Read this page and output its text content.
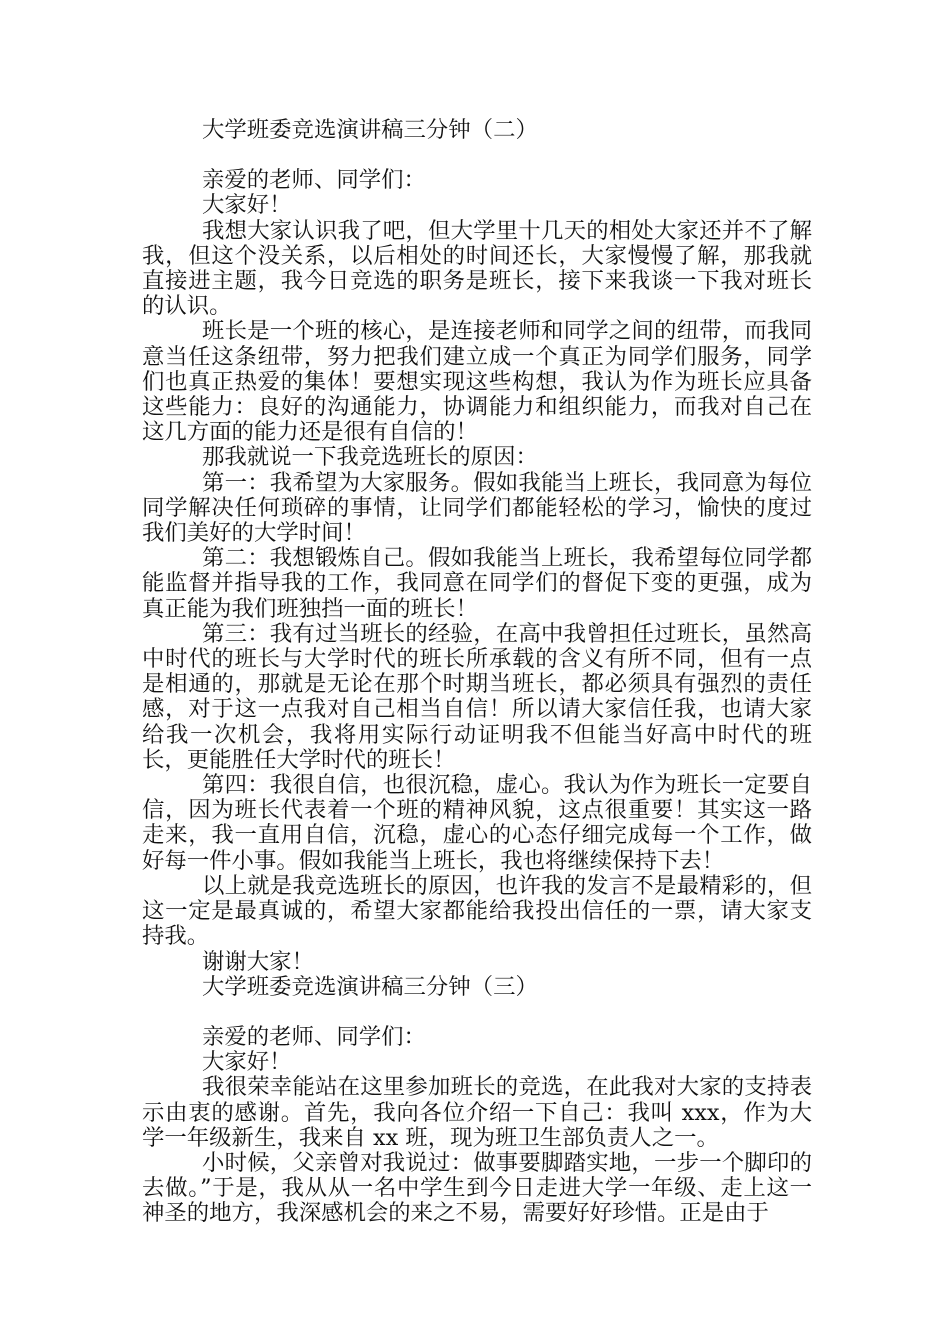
大学班委竞选演讲稿三分钟（二）

亲爱的老师、同学们：

大家好！

我想大家认识我了吧，但大学里十几天的相处大家还并不了解我，但这个没关系，以后相处的时间还长，大家慢慢了解，那我就直接进主题，我今日竞选的职务是班长，接下来我谈一下我对班长的认识。

班长是一个班的核心，是连接老师和同学之间的纽带，而我同意当任这条纽带，努力把我们建立成一个真正为同学们服务，同学们也真正热爱的集体！要想实现这些构想，我认为作为班长应具备这些能力：良好的沟通能力，协调能力和组织能力，而我对自己在这几方面的能力还是很有自信的！

那我就说一下我竞选班长的原因：

第一：我希望为大家服务。假如我能当上班长，我同意为每位同学解决任何琐碎的事情，让同学们都能轻松的学习，愉快的度过我们美好的大学时间！

第二：我想锻炼自己。假如我能当上班长，我希望每位同学都能监督并指导我的工作，我同意在同学们的督促下变的更强，成为真正能为我们班独挡一面的班长！

第三：我有过当班长的经验，在高中我曾担任过班长，虽然高中时代的班长与大学时代的班长所承载的含义有所不同，但有一点是相通的，那就是无论在那个时期当班长，都必须具有强烈的责任感，对于这一点我对自己相当自信！所以请大家信任我，也请大家给我一次机会，我将用实际行动证明我不但能当好高中时代的班长，更能胜任大学时代的班长！

第四：我很自信，也很沉稳，虚心。我认为作为班长一定要自信，因为班长代表着一个班的精神风貌，这点很重要！其实这一路走来，我一直用自信，沉稳，虚心的心态仔细完成每一个工作，做好每一件小事。假如我能当上班长，我也将继续保持下去！

以上就是我竞选班长的原因，也许我的发言不是最精彩的，但这一定是最真诚的，希望大家都能给我投出信任的一票，请大家支持我。

谢谢大家！

大学班委竞选演讲稿三分钟（三）

亲爱的老师、同学们：

大家好！

我很荣幸能站在这里参加班长的竞选，在此我对大家的支持表示由衷的感谢。首先，我向各位介绍一下自己：我叫 xxx，作为大学一年级新生，我来自 xx 班，现为班卫生部负责人之一。

小时候，父亲曾对我说过：做事要脚踏实地，一步一个脚印的去做。”于是，我从从一名中学生到今日走进大学一年级、走上这一神圣的地方，我深感机会的来之不易，需要好好珍惜。正是由于
